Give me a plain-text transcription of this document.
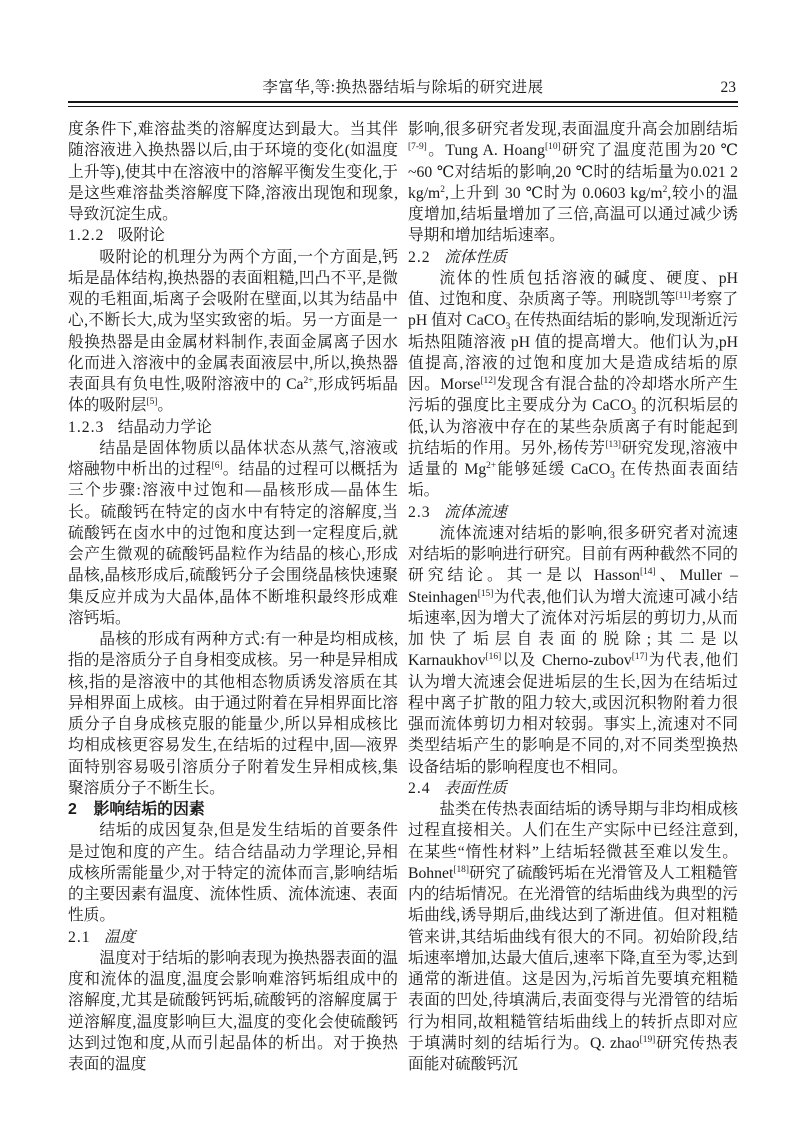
李富华,等:换热器结垢与除垢的研究进展	23

度条件下,难溶盐类的溶解度达到最大。当其伴随溶液进入换热器以后,由于环境的变化(如温度上升等),使其中在溶液中的溶解平衡发生变化,于是这些难溶盐类溶解度下降,溶液出现饱和现象,导致沉淀生成。

1.2.2 吸附论

吸附论的机理分为两个方面,一个方面是,钙垢是晶体结构,换热器的表面粗糙,凹凸不平,是微观的毛粗面,垢离子会吸附在壁面,以其为结晶中心,不断长大,成为坚实致密的垢。另一方面是一般换热器是由金属材料制作,表面金属离子因水化而进入溶液中的金属表面液层中,所以,换热器表面具有负电性,吸附溶液中的 $Ca^{2+}$,形成钙垢晶体的吸附层[5]。

1.2.3 结晶动力学论

结晶是固体物质以晶体状态从蒸气,溶液或熔融物中析出的过程[6]。结晶的过程可以概括为三个步骤:溶液中过饱和—晶核形成—晶体生长。硫酸钙在特定的卤水中有特定的溶解度,当硫酸钙在卤水中的过饱和度达到一定程度后,就会产生微观的硫酸钙晶粒作为结晶的核心,形成晶核,晶核形成后,硫酸钙分子会围绕晶核快速聚集反应并成为大晶体,晶体不断堆积最终形成难溶钙垢。

晶核的形成有两种方式:有一种是均相成核,指的是溶质分子自身相变成核。另一种是异相成核,指的是溶液中的其他相态物质诱发溶质在其异相界面上成核。由于通过附着在异相界面比溶质分子自身成核克服的能量少,所以异相成核比均相成核更容易发生,在结垢的过程中,固—液界面特别容易吸引溶质分子附着发生异相成核,集聚溶质分子不断生长。

2 影响结垢的因素

结垢的成因复杂,但是发生结垢的首要条件是过饱和度的产生。结合结晶动力学理论,异相成核所需能量少,对于特定的流体而言,影响结垢的主要因素有温度、流体性质、流体流速、表面性质。

2.1 温度

温度对于结垢的影响表现为换热器表面的温度和流体的温度,温度会影响难溶钙垢组成中的溶解度,尤其是硫酸钙钙垢,硫酸钙的溶解度属于逆溶解度,温度影响巨大,温度的变化会使硫酸钙达到过饱和度,从而引起晶体的析出。对于换热表面的温度

影响,很多研究者发现,表面温度升高会加剧结垢[7-9]。Tung A. Hoang[10]研究了温度范围为20 ℃ ~60 ℃对结垢的影响,20 ℃时的结垢量为0.021 2 $kg/m^2$,上升到 30 ℃时为 0.0603 $kg/m^2$,较小的温度增加,结垢量增加了三倍,高温可以通过减少诱导期和增加结垢速率。

2.2 流体性质

流体的性质包括溶液的碱度、硬度、pH 值、过饱和度、杂质离子等。刑晓凯等[11]考察了 pH 值对 CaCO$_3$ 在传热面结垢的影响,发现渐近污垢热阻随溶液 pH 值的提高增大。他们认为,pH 值提高,溶液的过饱和度加大是造成结垢的原因。Morse[12]发现含有混合盐的冷却塔水所产生污垢的强度比主要成分为 CaCO$_3$ 的沉积垢层的低,认为溶液中存在的某些杂质离子有时能起到抗结垢的作用。另外,杨传芳[13]研究发现,溶液中适量的 $Mg^{2+}$能够延缓 CaCO$_3$ 在传热面表面结垢。

2.3 流体流速

流体流速对结垢的影响,很多研究者对流速对结垢的影响进行研究。目前有两种截然不同的研究结论。其一是以 Hasson[14]、Muller – Steinhagen[15]为代表,他们认为增大流速可减小结垢速率,因为增大了流体对污垢层的剪切力,从而加快了垢层自表面的脱除;其二是以 Karnaukhov[16]以及 Cherno-zubov[17]为代表,他们认为增大流速会促进垢层的生长,因为在结垢过程中离子扩散的阻力较大,或因沉积物附着力很强而流体剪切力相对较弱。事实上,流速对不同类型结垢产生的影响是不同的,对不同类型换热设备结垢的影响程度也不相同。

2.4 表面性质

盐类在传热表面结垢的诱导期与非均相成核过程直接相关。人们在生产实际中已经注意到,在某些“惰性材料”上结垢轻微甚至难以发生。Bohnet[18]研究了硫酸钙垢在光滑管及人工粗糙管内的结垢情况。在光滑管的结垢曲线为典型的污垢曲线,诱导期后,曲线达到了渐进值。但对粗糙管来讲,其结垢曲线有很大的不同。初始阶段,结垢速率增加,达最大值后,速率下降,直至为零,达到通常的渐进值。这是因为,污垢首先要填充粗糙表面的凹处,待填满后,表面变得与光滑管的结垢行为相同,故粗糙管结垢曲线上的转折点即对应于填满时刻的结垢行为。Q. zhao[19]研究传热表面能对硫酸钙沉
